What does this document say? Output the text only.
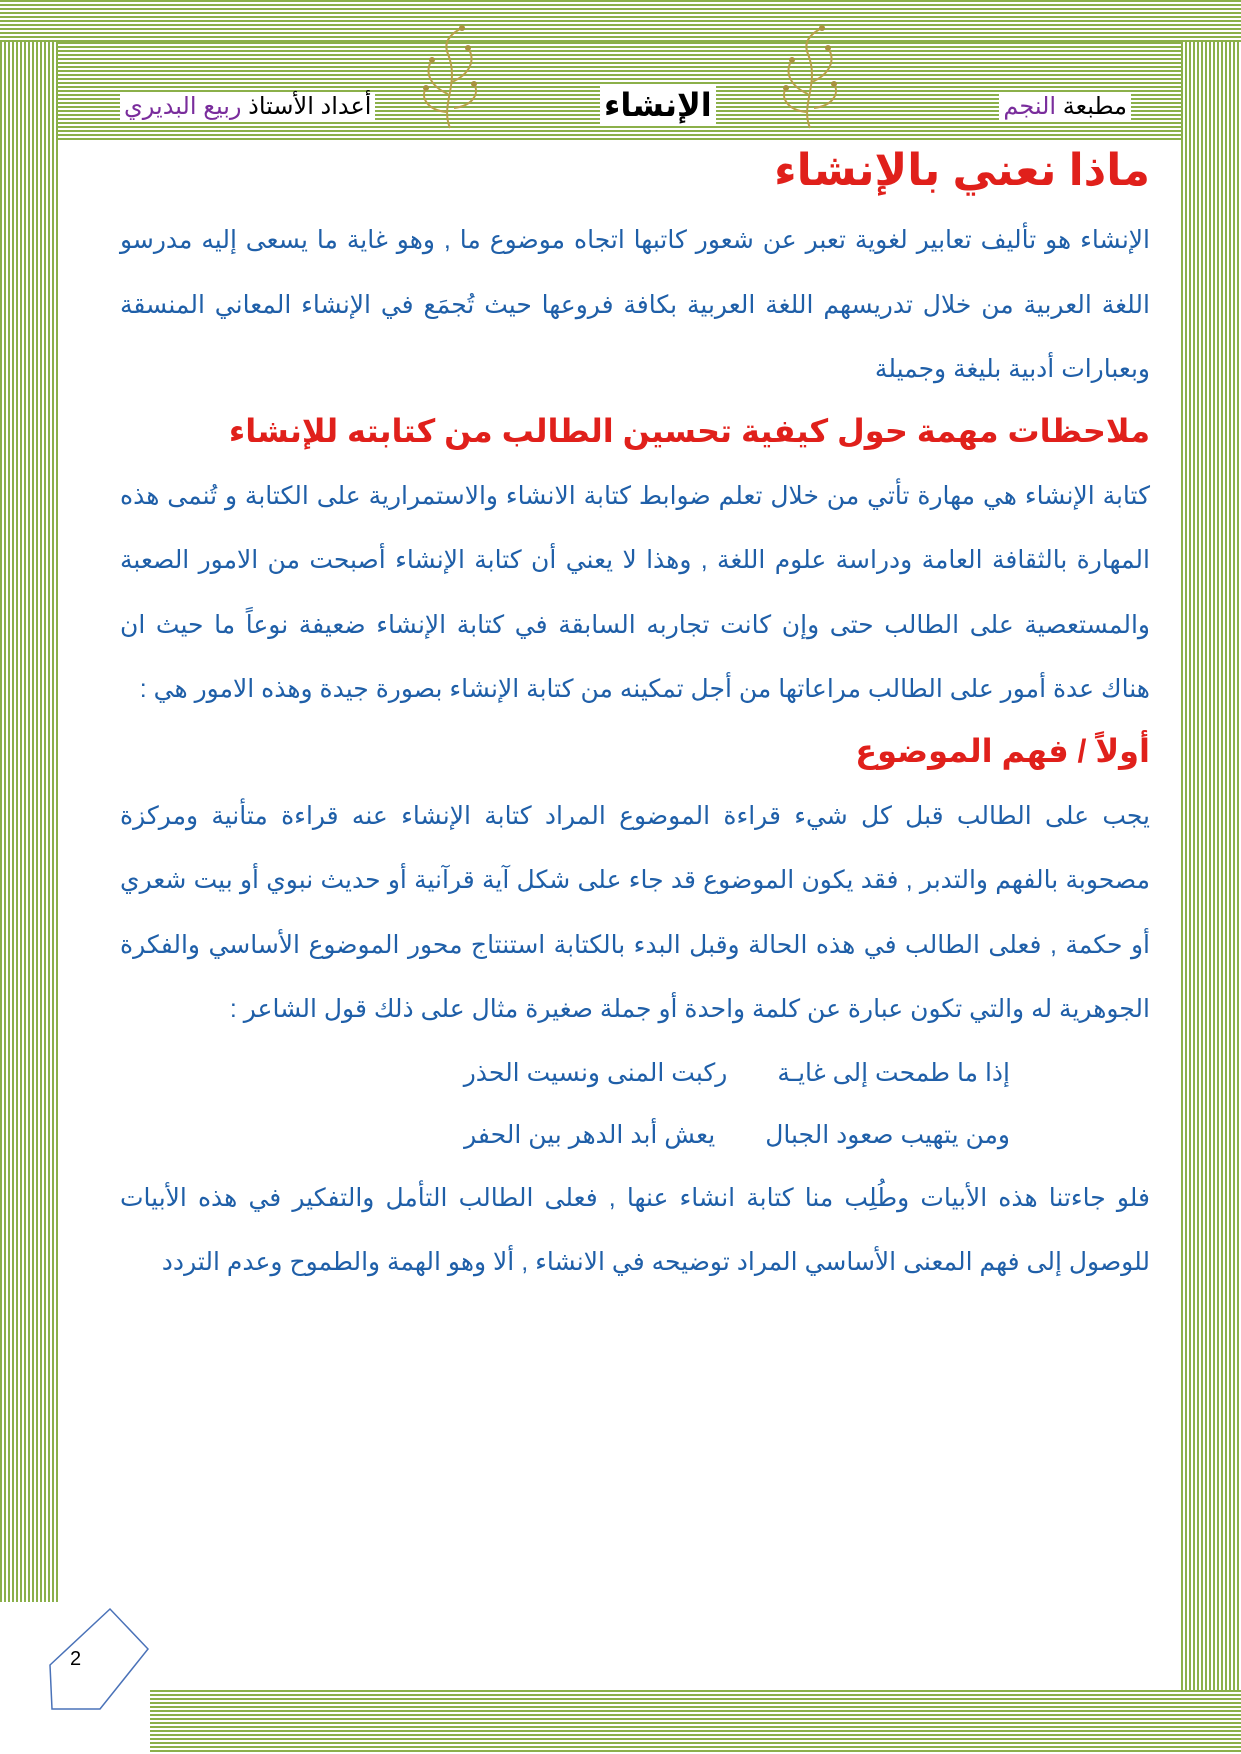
مطبعة النجم
الإنشاء
أعداد الأستاذ ربيع البديري
ماذا نعني بالإنشاء

الإنشاء هو تأليف تعابير لغوية تعبر عن شعور كاتبها اتجاه موضوع ما , وهو غاية ما يسعى إليه مدرسو اللغة العربية من خلال تدريسهم اللغة العربية بكافة فروعها حيث تُجمَع في الإنشاء المعاني المنسقة وبعبارات أدبية بليغة وجميلة

ملاحظات مهمة حول كيفية تحسين الطالب من كتابته للإنشاء

كتابة الإنشاء هي مهارة تأتي من خلال تعلم ضوابط كتابة الانشاء والاستمرارية على الكتابة و تُنمى هذه المهارة بالثقافة العامة ودراسة علوم اللغة , وهذا لا يعني أن كتابة الإنشاء أصبحت من الامور الصعبة والمستعصية على الطالب حتى وإن كانت تجاربه السابقة في كتابة الإنشاء ضعيفة نوعاً ما حيث ان هناك عدة أمور على الطالب مراعاتها من أجل تمكينه من كتابة الإنشاء بصورة جيدة وهذه الامور هي :

أولاً / فهم الموضوع

يجب على الطالب قبل كل شيء قراءة الموضوع المراد كتابة الإنشاء عنه قراءة متأنية ومركزة مصحوبة بالفهم والتدبر , فقد يكون الموضوع قد جاء على شكل آية قرآنية أو حديث نبوي أو بيت شعري أو حكمة , فعلى الطالب في هذه الحالة وقبل البدء بالكتابة استنتاج محور الموضوع الأساسي والفكرة الجوهرية له والتي تكون عبارة عن كلمة واحدة أو جملة صغيرة مثال على ذلك قول الشاعر :

إذا ما طمحت إلى غايـةركبت المنى ونسيت الحذر
ومن يتهيب صعود الجباليعش أبد الدهر بين الحفر

فلو جاءتنا هذه الأبيات وطُلِب منا كتابة انشاء عنها , فعلى الطالب التأمل والتفكير في هذه الأبيات للوصول إلى فهم المعنى الأساسي المراد توضيحه في الانشاء , ألا وهو الهمة والطموح وعدم التردد

2
